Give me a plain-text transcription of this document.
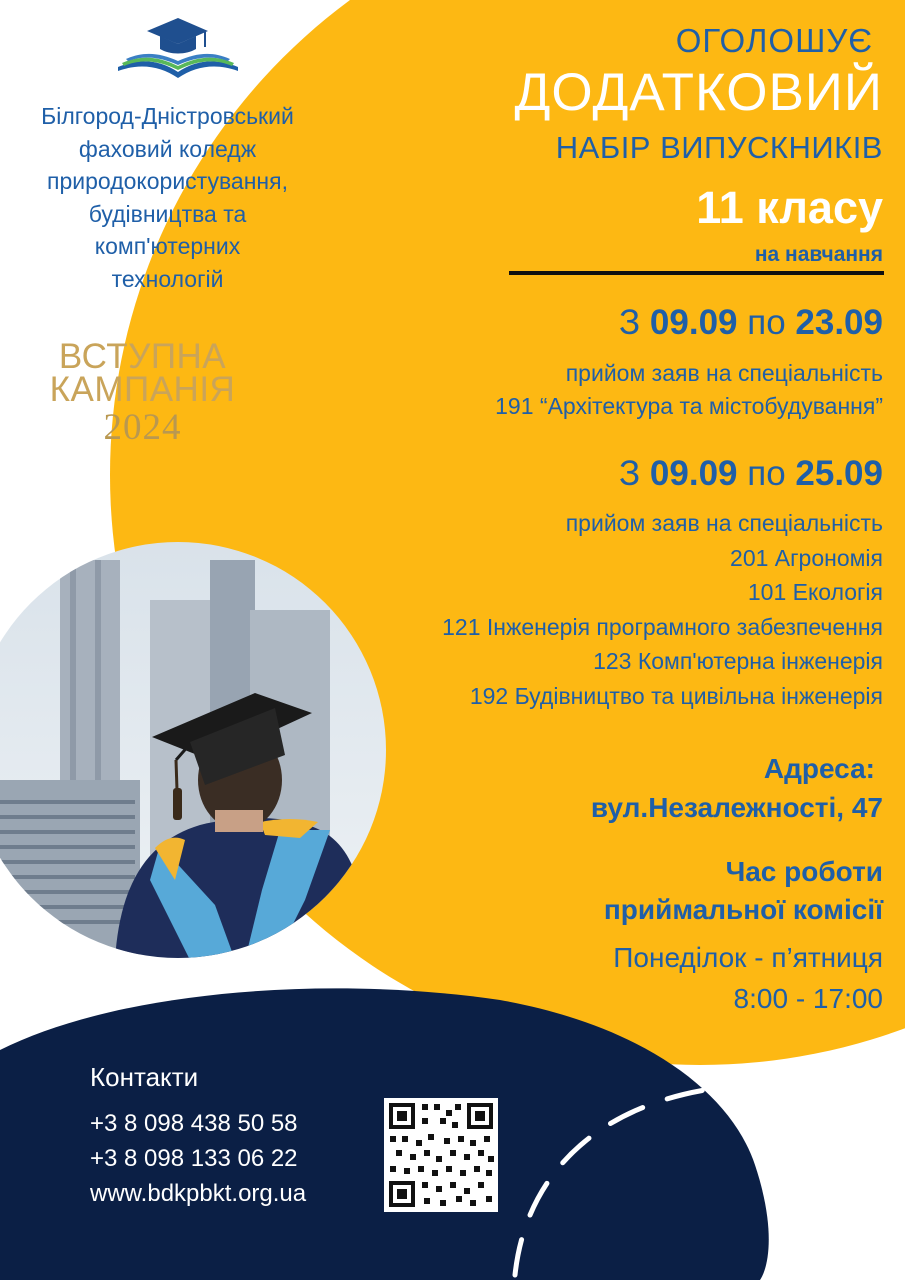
Білгород-Дністровський
фаховий коледж
природокористування,
будівництва та
комп'ютерних
технологій
ВСТУПНА
КАМПАНІЯ
2024
ОГОЛОШУЄ
ДОДАТКОВИЙ
НАБІР ВИПУСКНИКІВ
11 класу
на навчання
З 09.09 по 23.09
прийом заяв на спеціальність
191 “Архітектура та містобудування”
З 09.09 по 25.09
прийом заяв на спеціальність
201 Агрономія
101 Екологія
121 Інженерія програмного забезпечення
123 Комп'ютерна інженерія
192 Будівництво та цивільна інженерія
Адреса:
вул.Незалежності, 47
Час роботи
приймальної комісії
Понеділок - п’ятниця
8:00 - 17:00
Контакти
+3 8 098 438 50 58
+3 8 098 133 06 22
www.bdkpbkt.org.ua
